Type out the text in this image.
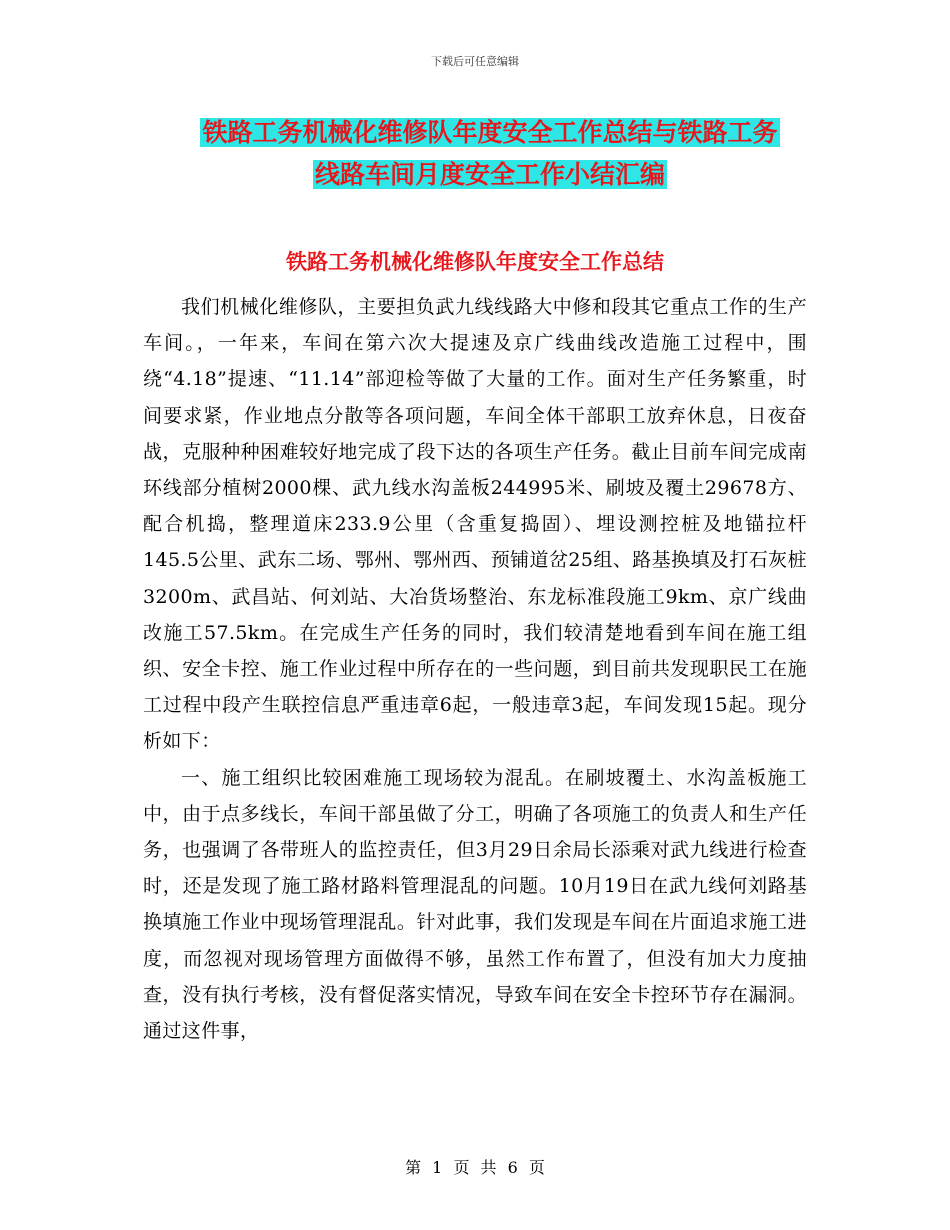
下载后可任意编辑
铁路工务机械化维修队年度安全工作总结与铁路工务
线路车间月度安全工作小结汇编
铁路工务机械化维修队年度安全工作总结

我们机械化维修队，主要担负武九线线路大中修和段其它重点工作的生产车间。，一年来，车间在第六次大提速及京广线曲线改造施工过程中，围绕“4.18”提速、“11.14”部迎检等做了大量的工作。面对生产任务繁重，时间要求紧，作业地点分散等各项问题，车间全体干部职工放弃休息，日夜奋战，克服种种困难较好地完成了段下达的各项生产任务。截止目前车间完成南环线部分植树2000棵、武九线水沟盖板244995米、刷坡及覆土29678方、配合机捣，整理道床233.9公里（含重复捣固）、埋设测控桩及地锚拉杆145.5公里、武东二场、鄂州、鄂州西、预铺道岔25组、路基换填及打石灰桩3200m、武昌站、何刘站、大冶货场整治、东龙标准段施工9km、京广线曲改施工57.5km。在完成生产任务的同时，我们较清楚地看到车间在施工组织、安全卡控、施工作业过程中所存在的一些问题，到目前共发现职民工在施工过程中段产生联控信息严重违章6起，一般违章3起，车间发现15起。现分析如下：

一、施工组织比较困难施工现场较为混乱。在刷坡覆土、水沟盖板施工中，由于点多线长，车间干部虽做了分工，明确了各项施工的负责人和生产任务，也强调了各带班人的监控责任，但3月29日余局长添乘对武九线进行检查时，还是发现了施工路材路料管理混乱的问题。10月19日在武九线何刘路基换填施工作业中现场管理混乱。针对此事，我们发现是车间在片面追求施工进度，而忽视对现场管理方面做得不够，虽然工作布置了，但没有加大力度抽查，没有执行考核，没有督促落实情况，导致车间在安全卡控环节存在漏洞。通过这件事，

第 1 页 共 6 页
